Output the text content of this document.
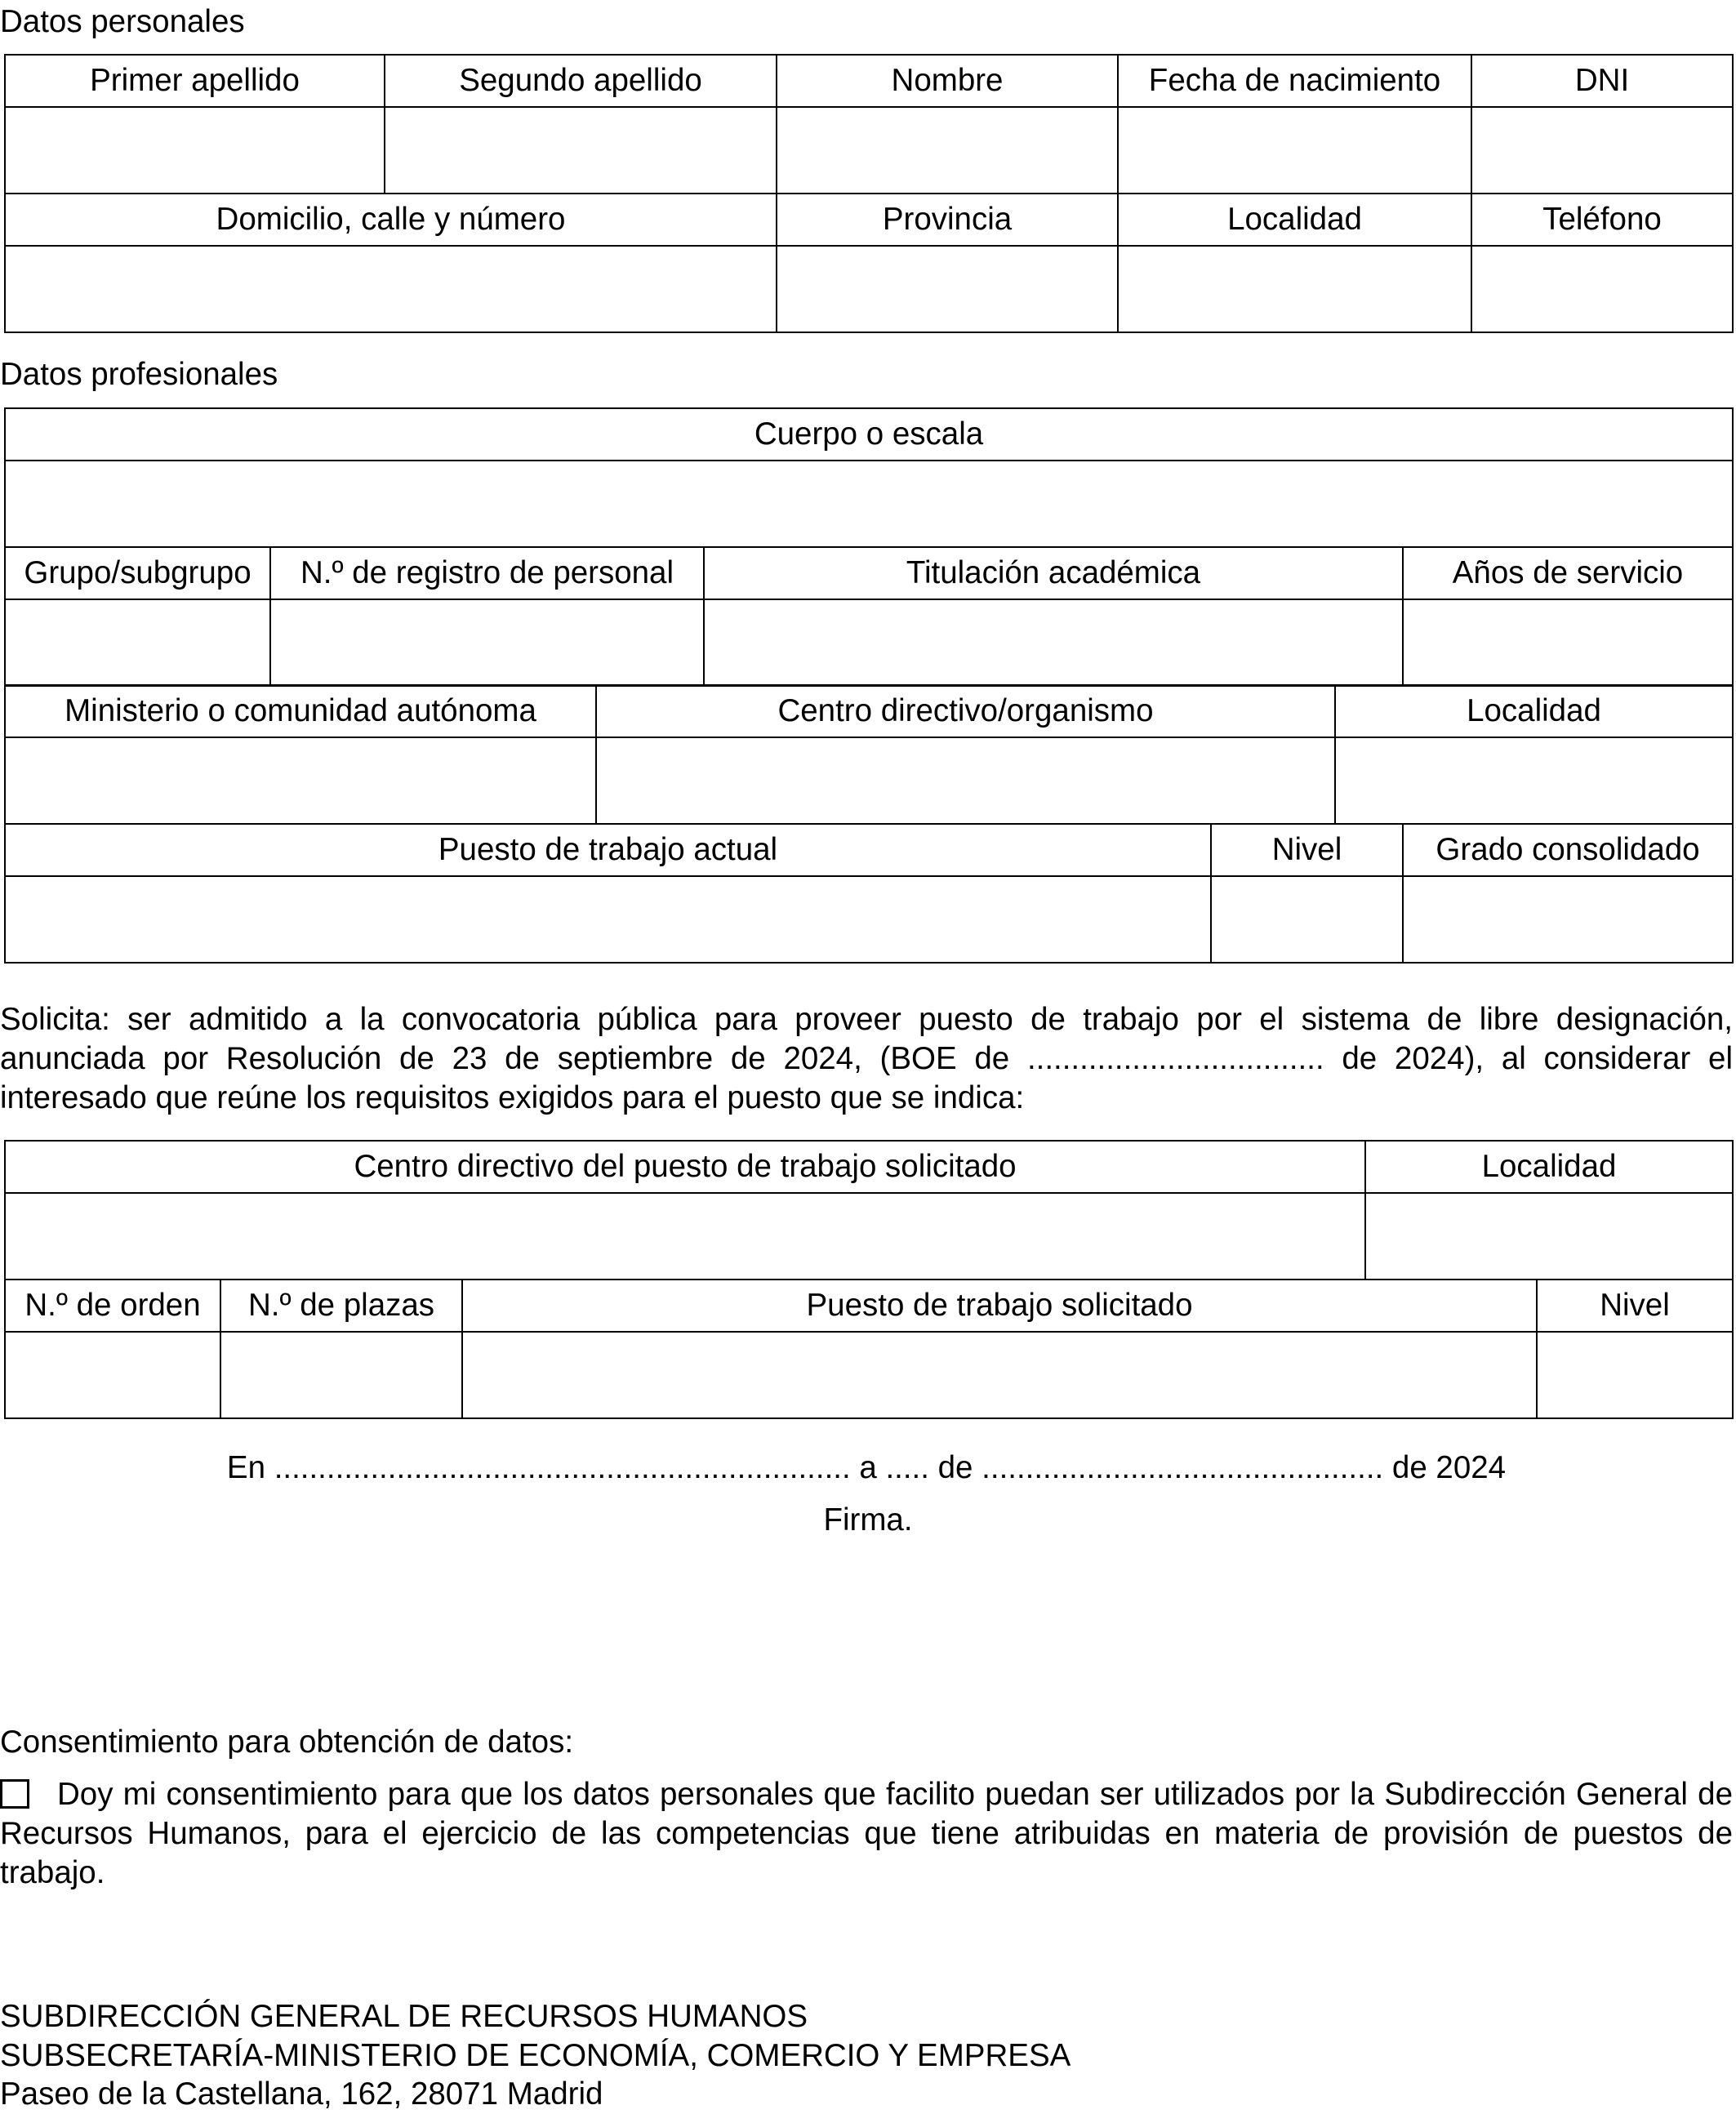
Datos personales
Primer apellido	Segundo apellido	Nombre	Fecha de nacimiento	DNI

Domicilio, calle y número		Provincia	Localidad	Teléfono

Datos profesionales
Cuerpo o escala

Grupo/subgrupo	N.º de registro de personal	Titulación académica	Años de servicio

Ministerio o comunidad autónoma	Centro directivo/organismo	Localidad

Puesto de trabajo actual	Nivel	Grado consolidado

Solicita: ser admitido a la convocatoria pública para proveer puesto de trabajo por el sistema de libre designación, anunciada por Resolución de 23 de septiembre de 2024, (BOE de .................................. de 2024), al considerar el interesado que reúne los requisitos exigidos para el puesto que se indica:
Centro directivo del puesto de trabajo solicitado	Localidad

N.º de orden	N.º de plazas	Puesto de trabajo solicitado	Nivel

En .................................................................. a ..... de .............................................. de 2024
Firma.
Consentimiento para obtención de datos:
Doy mi consentimiento para que los datos personales que facilito puedan ser utilizados por la Subdirección General de Recursos Humanos, para el ejercicio de las competencias que tiene atribuidas en materia de provisión de puestos de trabajo.
SUBDIRECCIÓN GENERAL DE RECURSOS HUMANOS
SUBSECRETARÍA-MINISTERIO DE ECONOMÍA, COMERCIO Y EMPRESA
Paseo de la Castellana, 162, 28071 Madrid
